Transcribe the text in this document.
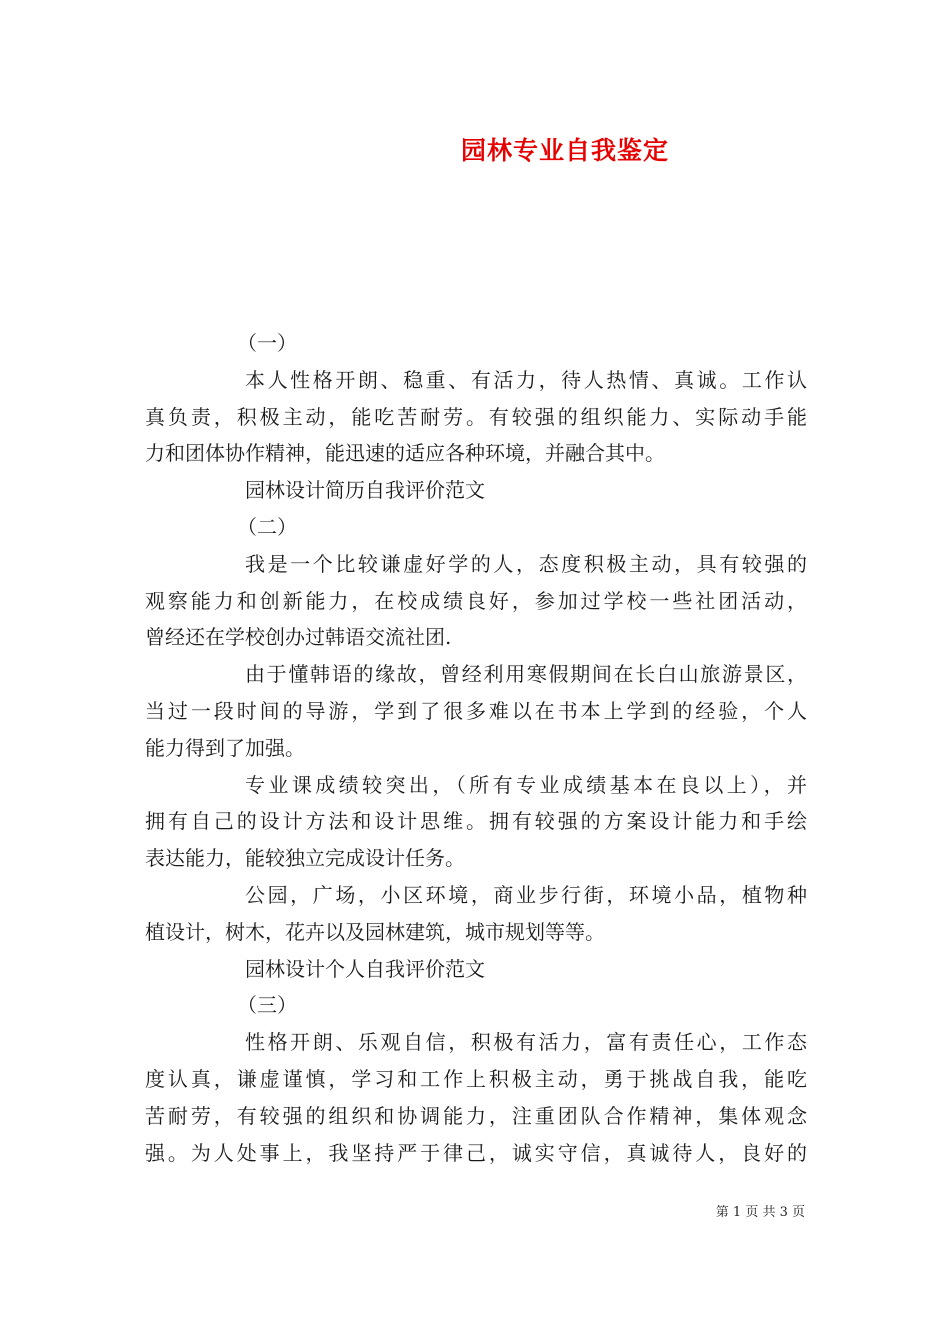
园林专业自我鉴定
（一）
本人性格开朗、稳重、有活力，待人热情、真诚。工作认
真负责，积极主动，能吃苦耐劳。有较强的组织能力、实际动手能
力和团体协作精神，能迅速的适应各种环境，并融合其中。
园林设计简历自我评价范文
（二）
我是一个比较谦虚好学的人，态度积极主动，具有较强的
观察能力和创新能力，在校成绩良好，参加过学校一些社团活动，
曾经还在学校创办过韩语交流社团.
由于懂韩语的缘故，曾经利用寒假期间在长白山旅游景区，
当过一段时间的导游，学到了很多难以在书本上学到的经验，个人
能力得到了加强。
专业课成绩较突出，（所有专业成绩基本在良以上），并
拥有自己的设计方法和设计思维。拥有较强的方案设计能力和手绘
表达能力，能较独立完成设计任务。
公园，广场，小区环境，商业步行街，环境小品，植物种
植设计，树木，花卉以及园林建筑，城市规划等等。
园林设计个人自我评价范文
（三）
性格开朗、乐观自信，积极有活力，富有责任心，工作态
度认真，谦虚谨慎，学习和工作上积极主动，勇于挑战自我，能吃
苦耐劳，有较强的组织和协调能力，注重团队合作精神，集体观念
强。为人处事上，我坚持严于律己，诚实守信，真诚待人，良好的
第 1 页 共 3 页
